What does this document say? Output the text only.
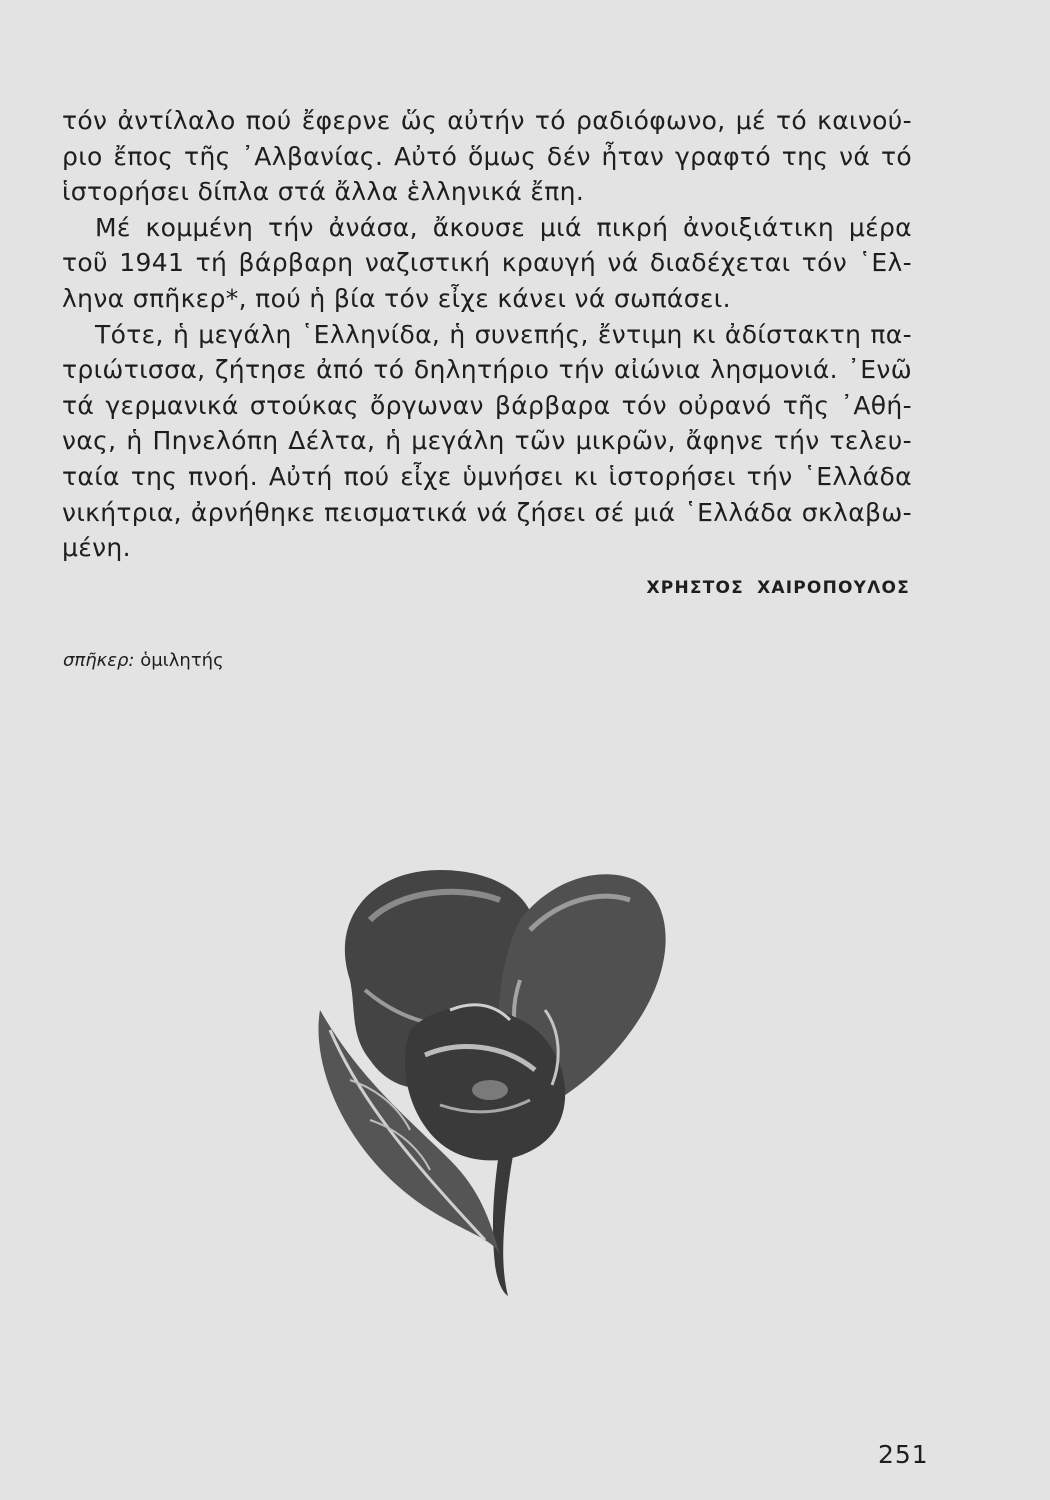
τόν ἀντίλαλο πού ἔφερνε ὥς αὐτήν τό ραδιόφωνο, μέ τό καινού-
ριο ἔπος τῆς ᾿Αλβανίας. Αὐτό ὅμως δέν ἦταν γραφτό της νά τό
ἱστορήσει δίπλα στά ἄλλα ἑλληνικά ἔπη.
Μέ κομμένη τήν ἀνάσα, ἄκουσε μιά πικρή ἀνοιξιάτικη μέρα
τοῦ 1941 τή βάρβαρη ναζιστική κραυγή νά διαδέχεται τόν ῾Ελ-
ληνα σπῆκερ*, πού ἡ βία τόν εἶχε κάνει νά σωπάσει.
Τότε, ἡ μεγάλη ῾Ελληνίδα, ἡ συνεπής, ἔντιμη κι ἀδίστακτη πα-
τριώτισσα, ζήτησε ἀπό τό δηλητήριο τήν αἰώνια λησμονιά. ᾿Ενῶ
τά γερμανικά στούκας ὄργωναν βάρβαρα τόν οὐρανό τῆς ᾿Αθή-
νας, ἡ Πηνελόπη Δέλτα, ἡ μεγάλη τῶν μικρῶν, ἄφηνε τήν τελευ-
ταία της πνοή. Αὐτή πού εἶχε ὑμνήσει κι ἱστορήσει τήν ῾Ελλάδα
νικήτρια, ἀρνήθηκε πεισματικά νά ζήσει σέ μιά ῾Ελλάδα σκλαβω-
μένη.
ΧΡΗΣΤΟΣ ΧΑΙΡΟΠΟΥΛΟΣ
σπῆκερ: ὁμιλητής
251
